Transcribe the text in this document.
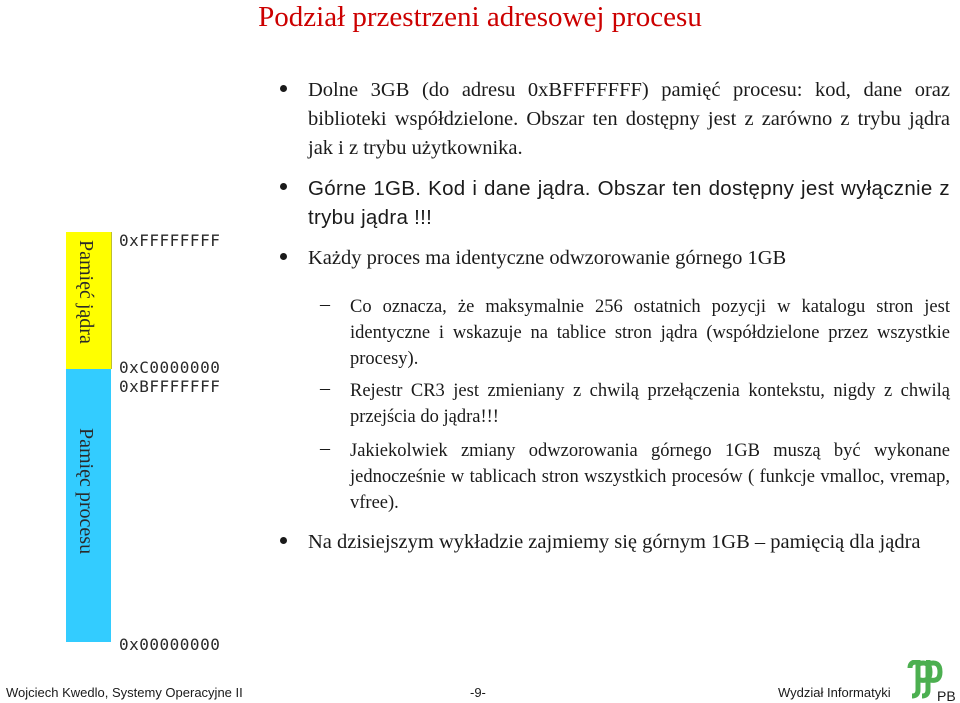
Podział przestrzeni adresowej procesu
Pamięć jądra
Pamięc procesu
0xFFFFFFFF
0xC0000000
0xBFFFFFFF
0x00000000
Dolne 3GB (do adresu 0xBFFFFFFF) pamięć procesu: kod, dane oraz biblioteki współdzielone. Obszar ten dostępny jest z zarówno z trybu jądra jak i z trybu użytkownika.
Górne 1GB. Kod i dane jądra. Obszar ten dostępny jest wyłącznie z trybu jądra !!!
Każdy proces ma identyczne odwzorowanie górnego 1GB
– Co oznacza, że maksymalnie 256 ostatnich pozycji w katalogu stron jest identyczne i wskazuje na tablice stron jądra (współdzielone przez wszystkie procesy).
– Rejestr CR3 jest zmieniany z chwilą przełączenia kontekstu, nigdy z chwilą przejścia do jądra!!!
– Jakiekolwiek zmiany odwzorowania górnego 1GB muszą być wykonane jednocześnie w tablicach stron wszystkich procesów ( funkcje vmalloc, vremap, vfree).
Na dzisiejszym wykładzie zajmiemy się górnym 1GB – pamięcią dla jądra
Wojciech Kwedlo, Systemy Operacyjne II	-9-	Wydział Informatyki	PB
